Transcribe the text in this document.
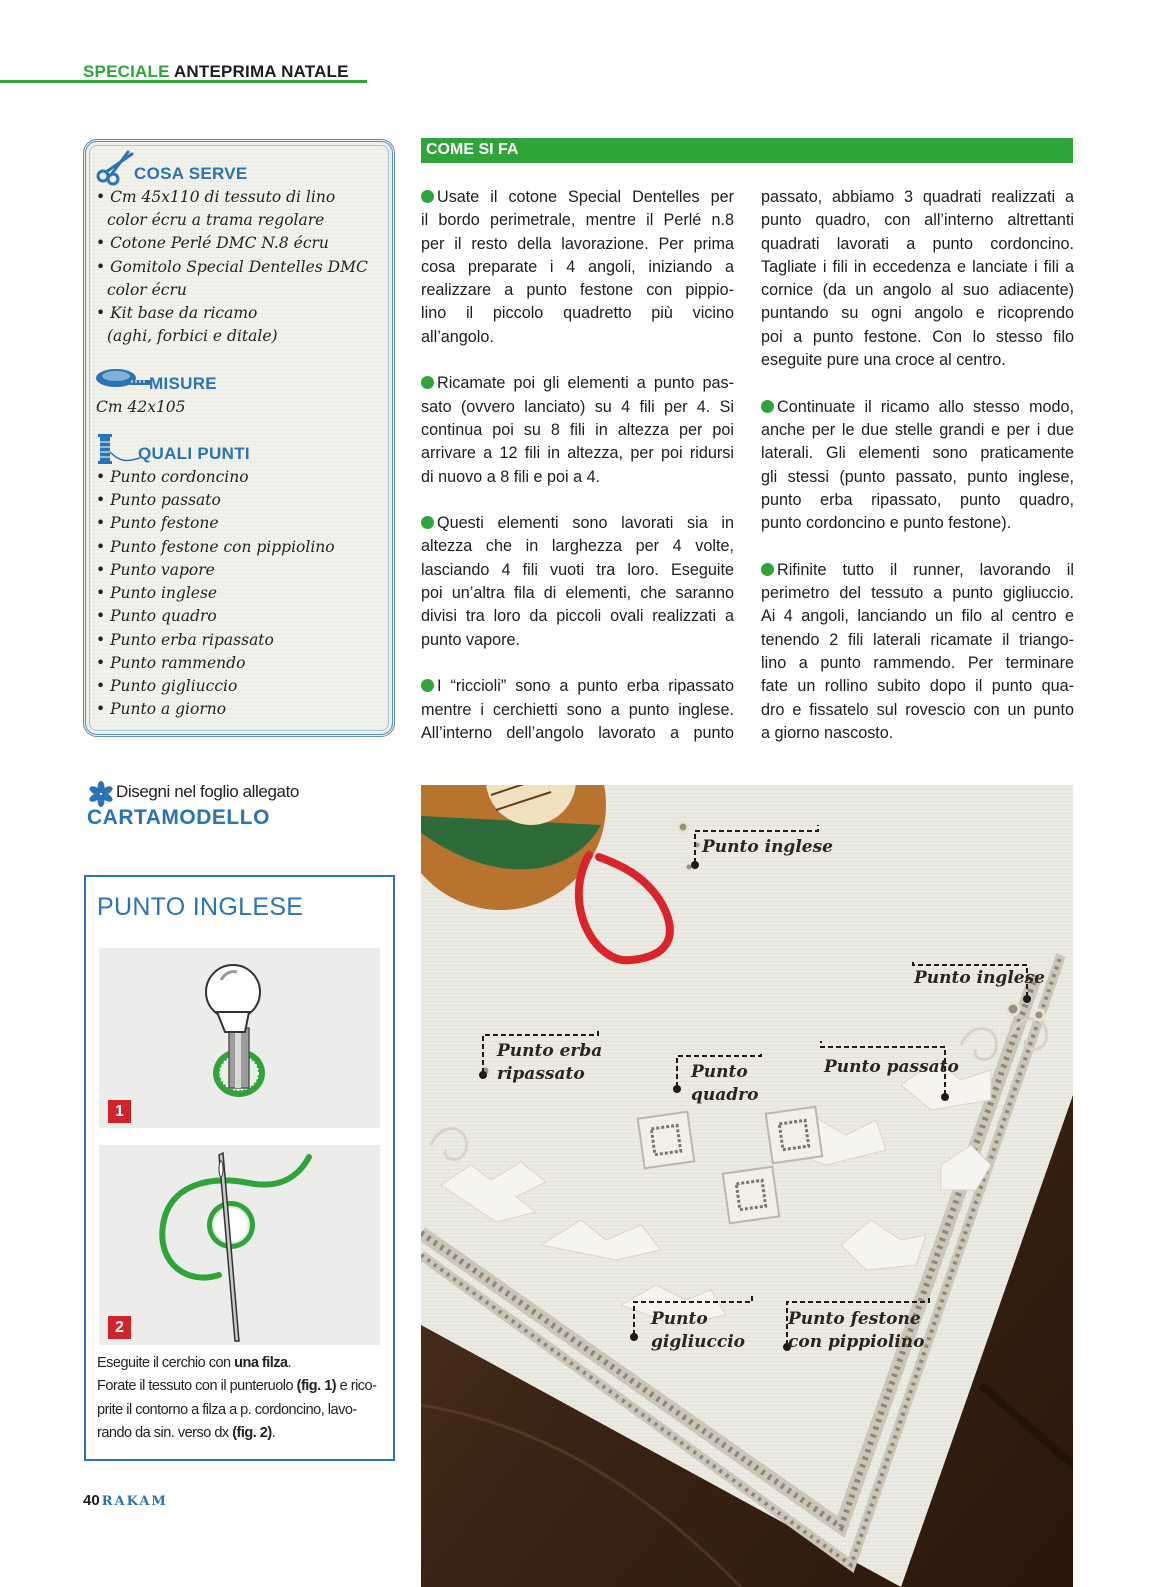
SPECIALE ANTEPRIMA NATALE
COSA SERVE
• Cm 45x110 di tessuto di lino
color écru a trama regolare
• Cotone Perlé DMC N.8 écru
• Gomitolo Special Dentelles DMC
color écru
• Kit base da ricamo
(aghi, forbici e ditale)
MISURE
Cm 42x105
QUALI PUNTI
• Punto cordoncino
• Punto passato
• Punto festone
• Punto festone con pippiolino
• Punto vapore
• Punto inglese
• Punto quadro
• Punto erba ripassato
• Punto rammendo
• Punto gigliuccio
• Punto a giorno
COME SI FA
Usate il cotone Special Dentelles per
il bordo perimetrale, mentre il Perlé n.8
per il resto della lavorazione. Per prima
cosa preparate i 4 angoli, iniziando a
realizzare a punto festone con pippio-
lino il piccolo quadretto più vicino
all’angolo.
Ricamate poi gli elementi a punto pas-
sato (ovvero lanciato) su 4 fili per 4. Si
continua poi su 8 fili in altezza per poi
arrivare a 12 fili in altezza, per poi ridursi
di nuovo a 8 fili e poi a 4.
Questi elementi sono lavorati sia in
altezza che in larghezza per 4 volte,
lasciando 4 fili vuoti tra loro. Eseguite
poi un’altra fila di elementi, che saranno
divisi tra loro da piccoli ovali realizzati a
punto vapore.
I “riccioli” sono a punto erba ripassato
mentre i cerchietti sono a punto inglese.
All’interno dell’angolo lavorato a punto
passato, abbiamo 3 quadrati realizzati a
punto quadro, con all’interno altrettanti
quadrati lavorati a punto cordoncino.
Tagliate i fili in eccedenza e lanciate i fili a
cornice (da un angolo al suo adiacente)
puntando su ogni angolo e ricoprendo
poi a punto festone. Con lo stesso filo
eseguite pure una croce al centro.
Continuate il ricamo allo stesso modo,
anche per le due stelle grandi e per i due
laterali. Gli elementi sono praticamente
gli stessi (punto passato, punto inglese,
punto erba ripassato, punto quadro,
punto cordoncino e punto festone).
Rifinite tutto il runner, lavorando il
perimetro del tessuto a punto gigliuccio.
Ai 4 angoli, lanciando un filo al centro e
tenendo 2 fili laterali ricamate il triango-
lino a punto rammendo. Per terminare
fate un rollino subito dopo il punto qua-
dro e fissatelo sul rovescio con un punto
a giorno nascosto.
Disegni nel foglio allegato
CARTAMODELLO
PUNTO INGLESE
1
2
Eseguite il cerchio con una filza.
Forate il tessuto con il punteruolo (fig. 1) e rico-
prite il contorno a filza a p. cordoncino, lavo-
rando da sin. verso dx (fig. 2).
40 RAKAM
Punto inglese
Punto inglese
Punto erba
ripassato	Punto
quadro
Punto passato
Punto
gigliuccio
Punto festone
con pippiolino
